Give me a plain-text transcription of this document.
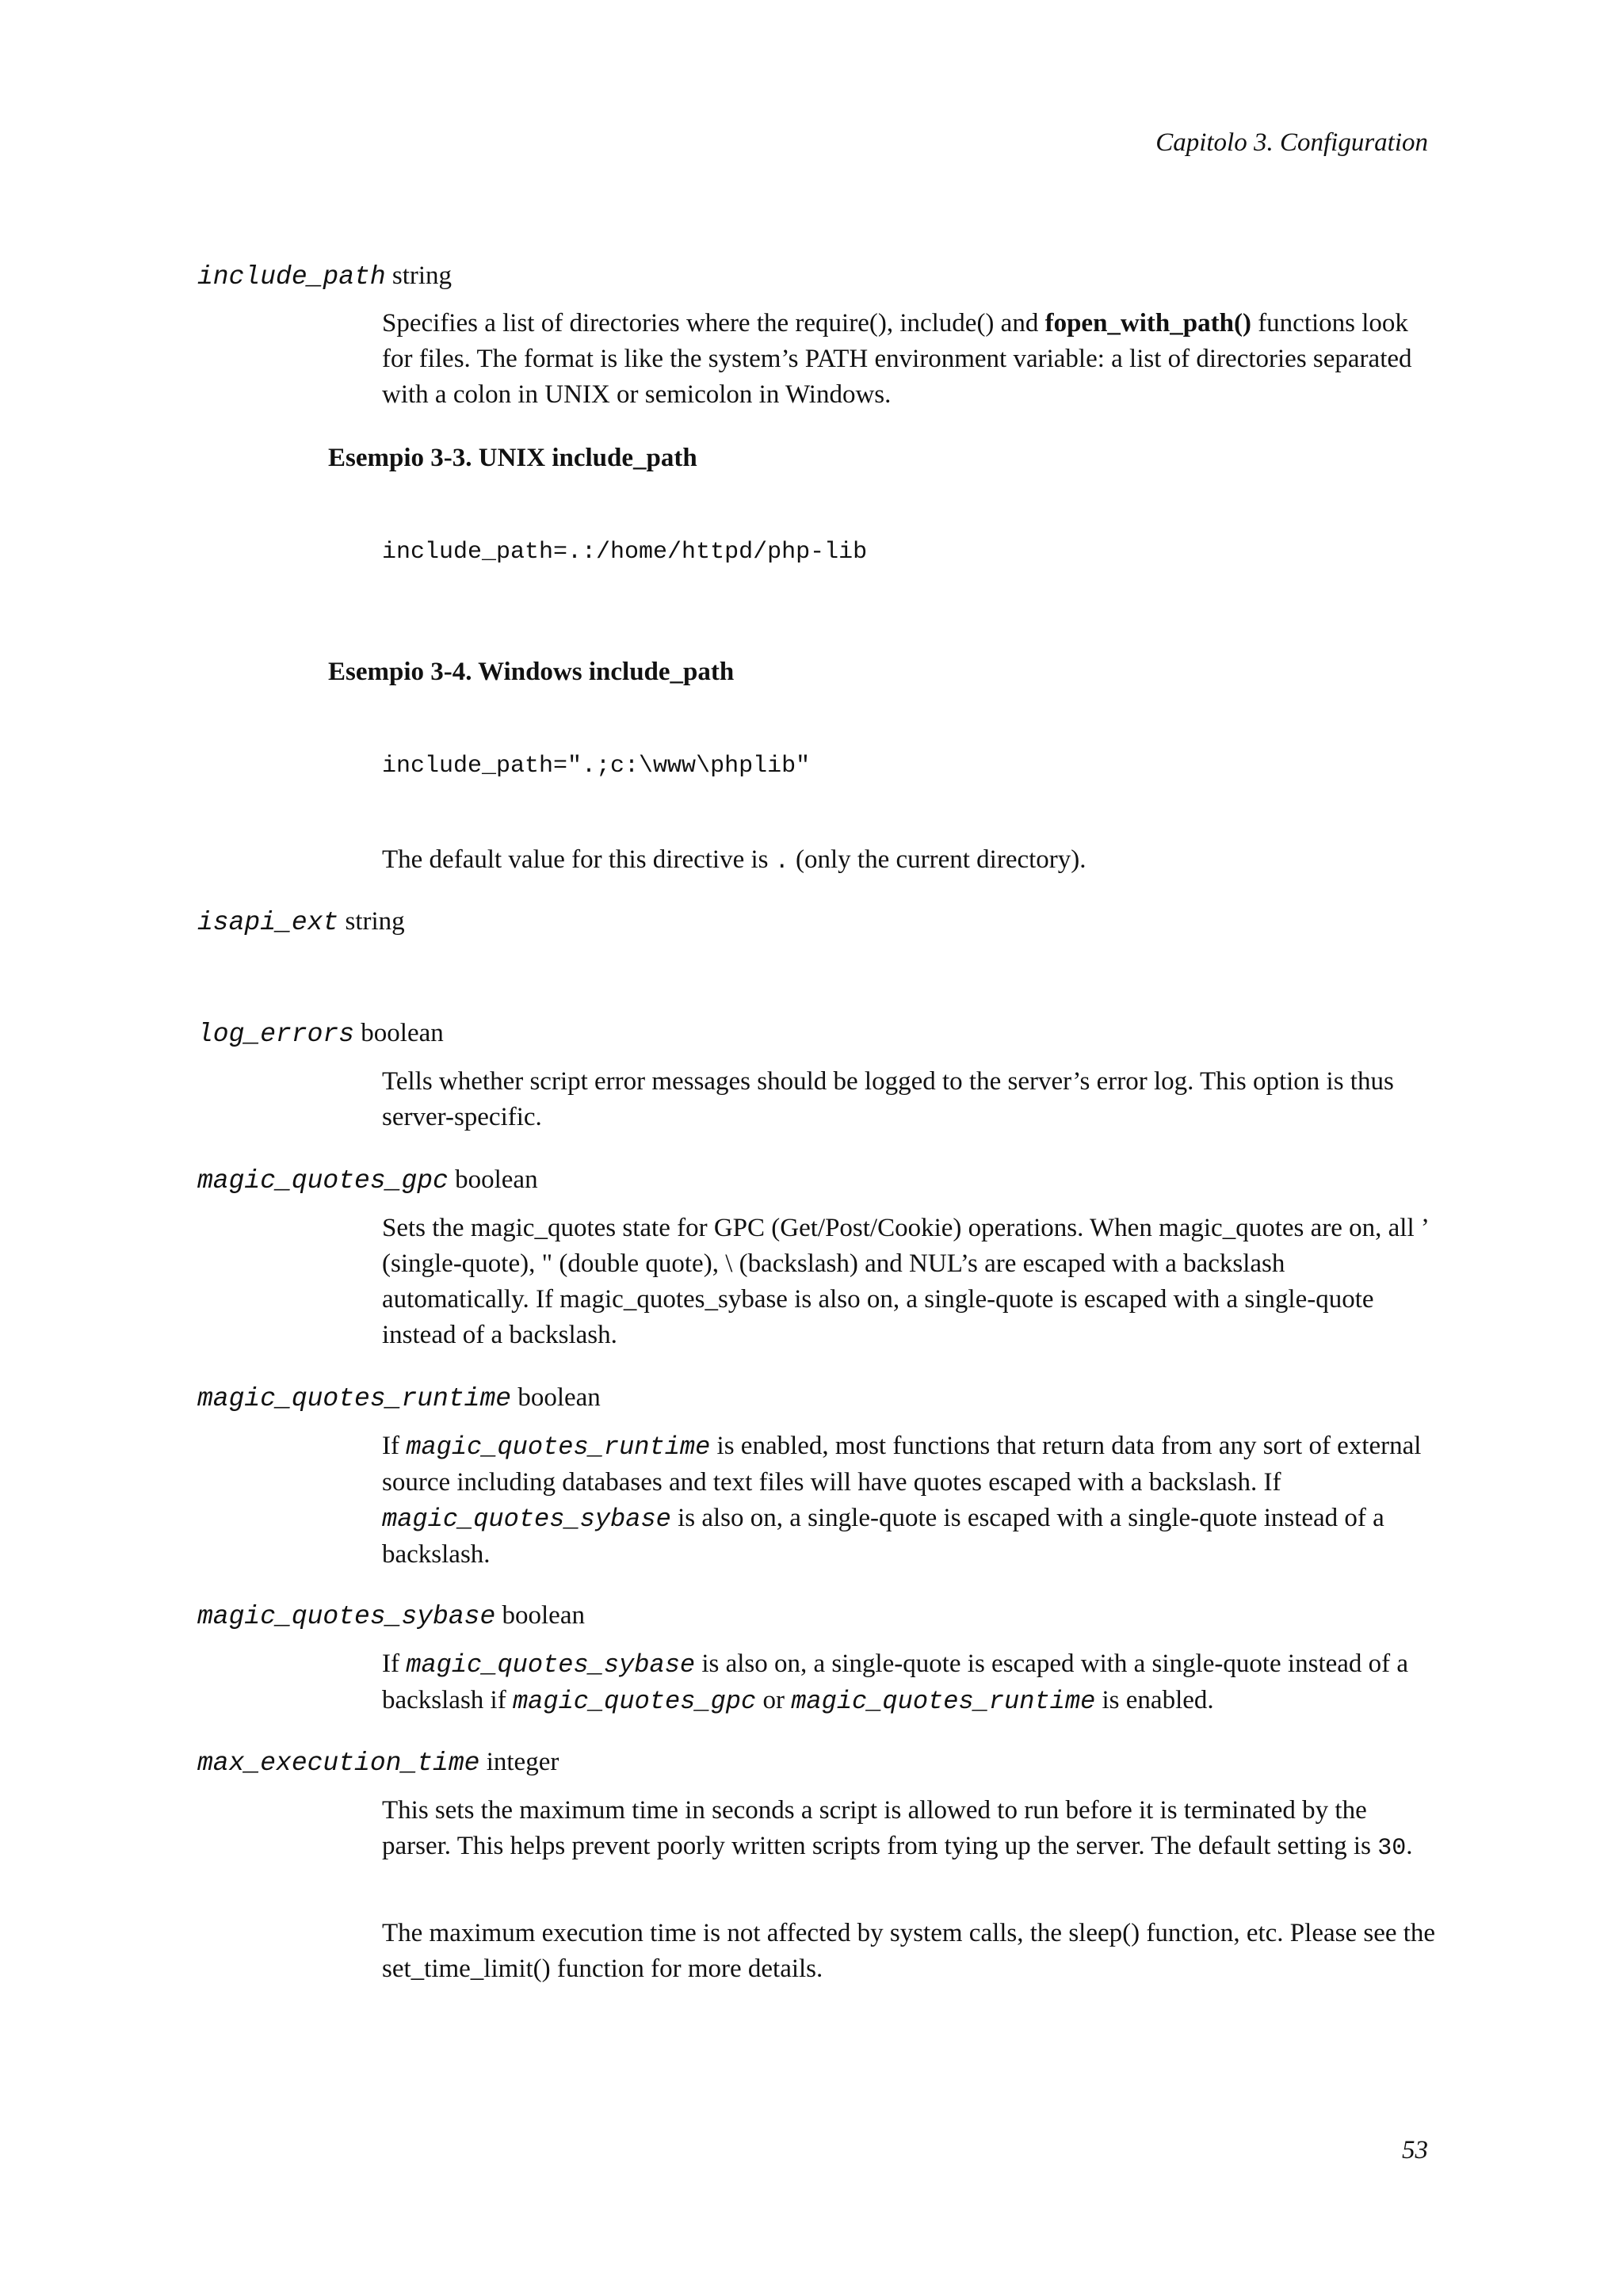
Capitolo 3. Configuration
include_path string

Specifies a list of directories where the require(), include() and fopen_with_path() functions look for files. The format is like the system’s PATH environment variable: a list of directories separated with a colon in UNIX or semicolon in Windows.

Esempio 3-3. UNIX include_path
include_path=.:/home/httpd/php-lib
Esempio 3-4. Windows include_path
include_path=".;c:\www\phplib"

The default value for this directive is . (only the current directory).

isapi_ext string
log_errors boolean

Tells whether script error messages should be logged to the server’s error log. This option is thus server-specific.

magic_quotes_gpc boolean

Sets the magic_quotes state for GPC (Get/Post/Cookie) operations. When magic_quotes are on, all ’ (single-quote), " (double quote), \ (backslash) and NUL’s are escaped with a backslash automatically. If magic_quotes_sybase is also on, a single-quote is escaped with a single-quote instead of a backslash.

magic_quotes_runtime boolean

If magic_quotes_runtime is enabled, most functions that return data from any sort of external source including databases and text files will have quotes escaped with a backslash. If magic_quotes_sybase is also on, a single-quote is escaped with a single-quote instead of a backslash.

magic_quotes_sybase boolean

If magic_quotes_sybase is also on, a single-quote is escaped with a single-quote instead of a backslash if magic_quotes_gpc or magic_quotes_runtime is enabled.

max_execution_time integer

This sets the maximum time in seconds a script is allowed to run before it is terminated by the parser. This helps prevent poorly written scripts from tying up the server. The default setting is 30.

The maximum execution time is not affected by system calls, the sleep() function, etc. Please see the set_time_limit() function for more details.

53
